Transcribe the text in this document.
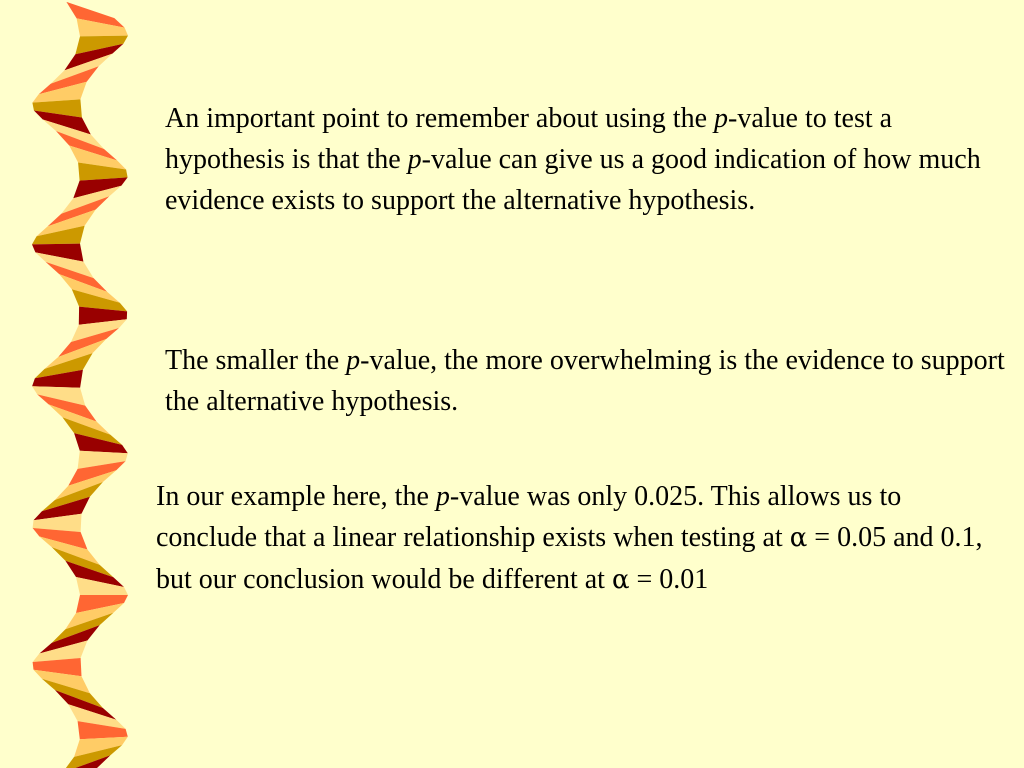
An important point to remember about using the p-value to test a hypothesis is that the p-value can give us a good indication of how much evidence exists to support the alternative hypothesis.

The smaller the p-value, the more overwhelming is the evidence to support the alternative hypothesis.

In our example here, the p-value was only 0.025. This allows us to conclude that a linear relationship exists when testing at α = 0.05 and 0.1, but our conclusion would be different at α = 0.01
